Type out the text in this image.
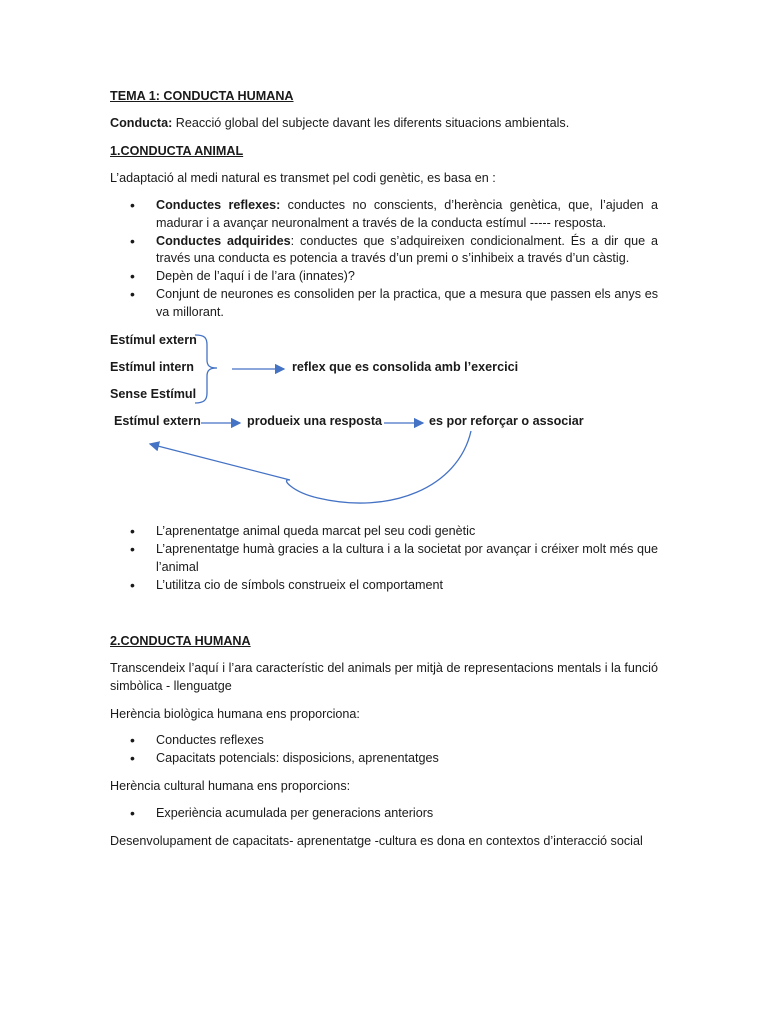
TEMA 1: CONDUCTA HUMANA
Conducta: Reacció global del subjecte davant les diferents situacions ambientals.
1.CONDUCTA ANIMAL
L’adaptació al medi natural es transmet pel codi genètic, es basa en :
• Conductes reflexes: conductes no conscients, d’herència genètica, que, l’ajuden a madurar i a avançar neuronalment a través de la conducta estímul ----- resposta.
• Conductes adquirides: conductes que s’adquireixen condicionalment. És a dir que a través una conducta es potencia a través d’un premi o s’inhibeix a través d’un càstig.
• Depèn de l’aquí i de l’ara (innates)?
• Conjunt de neurones es consoliden per la practica, que a mesura que passen els anys es va millorant.
Estímul extern
Estímul intern
Sense Estímul
reflex que es consolida amb l’exercici
Estímul extern	produeix una resposta	es por reforçar o associar
• L’aprenentatge animal queda marcat pel seu codi genètic
• L’aprenentatge humà gracies a la cultura i a la societat por avançar i créixer molt més que l’animal
• L’utilitza cio de símbols construeix el comportament
2.CONDUCTA HUMANA
Transcendeix l’aquí i l’ara característic del animals per mitjà de representacions mentals i la funció simbòlica - llenguatge
Herència biològica humana ens proporciona:
• Conductes reflexes
• Capacitats potencials: disposicions, aprenentatges
Herència cultural humana ens proporcions:
• Experiència acumulada per generacions anteriors
Desenvolupament de capacitats- aprenentatge -cultura es dona en contextos d’interacció social
